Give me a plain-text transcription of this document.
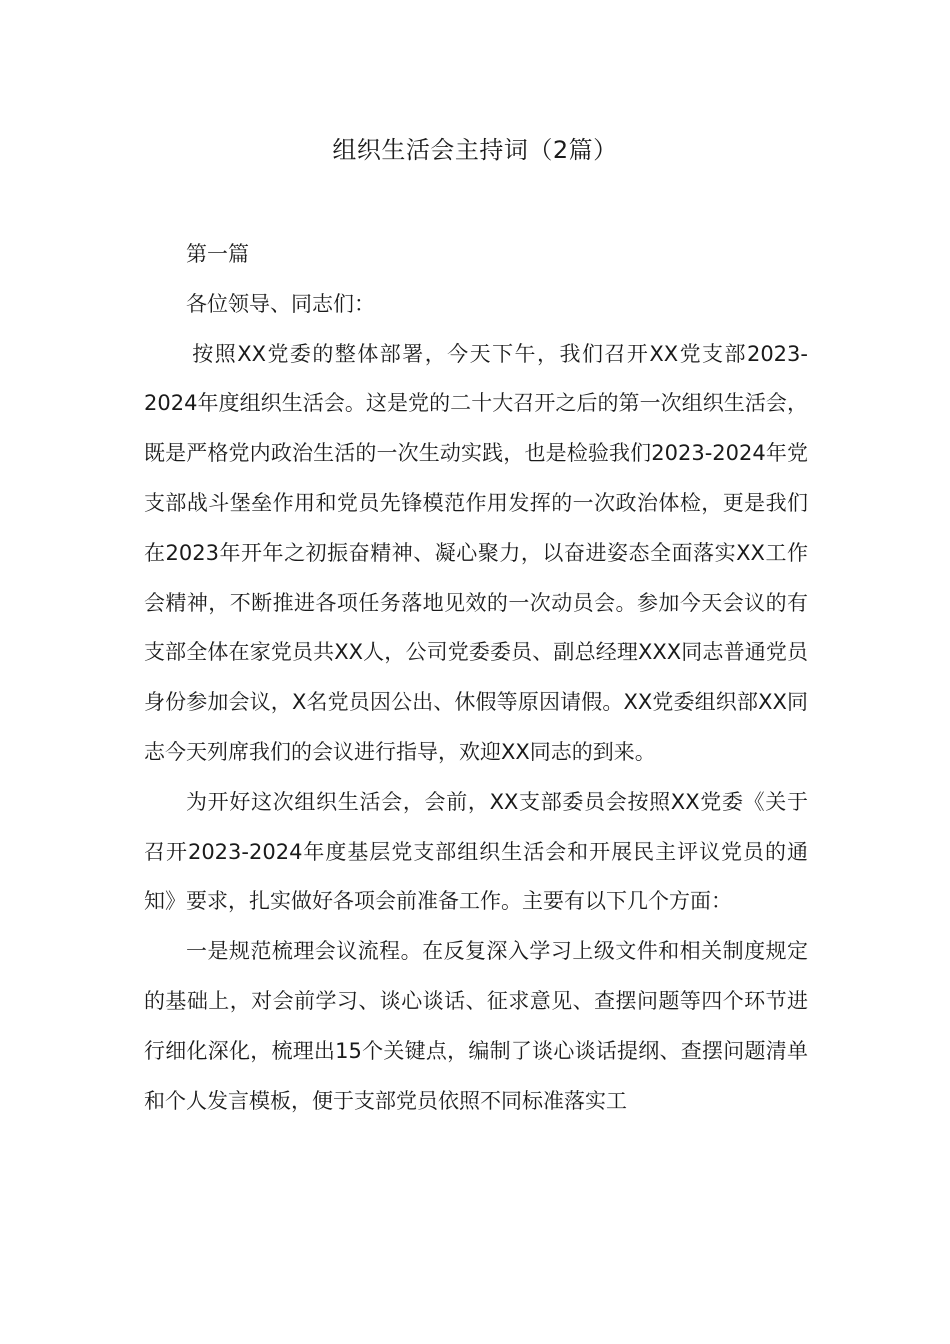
组织生活会主持词（2篇）

第一篇

各位领导、同志们：

按照XX党委的整体部署，今天下午，我们召开XX党支部2023-2024年度组织生活会。这是党的二十大召开之后的第一次组织生活会，既是严格党内政治生活的一次生动实践，也是检验我们2023-2024年党支部战斗堡垒作用和党员先锋模范作用发挥的一次政治体检，更是我们在2023年开年之初振奋精神、凝心聚力，以奋进姿态全面落实XX工作会精神，不断推进各项任务落地见效的一次动员会。参加今天会议的有支部全体在家党员共XX人，公司党委委员、副总经理XXX同志普通党员身份参加会议，X名党员因公出、休假等原因请假。XX党委组织部XX同志今天列席我们的会议进行指导，欢迎XX同志的到来。

为开好这次组织生活会，会前，XX支部委员会按照XX党委《关于召开2023-2024年度基层党支部组织生活会和开展民主评议党员的通知》要求，扎实做好各项会前准备工作。主要有以下几个方面：

一是规范梳理会议流程。在反复深入学习上级文件和相关制度规定的基础上，对会前学习、谈心谈话、征求意见、查摆问题等四个环节进行细化深化，梳理出15个关键点，编制了谈心谈话提纲、查摆问题清单和个人发言模板，便于支部党员依照不同标准落实工
